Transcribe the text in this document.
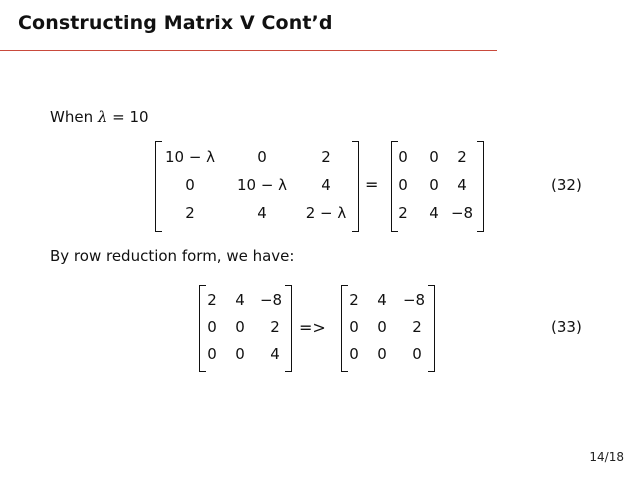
Constructing Matrix V Cont’d
When λ = 10
10 − λ	0	2
0	10 − λ 4
2	4	2 − λ
=
0 0 2
0 0 4
2 4 −8
(32)
By row reduction form, we have:
2 4 −8
0 0 2
0 0 4
=>
2 4 −8
0 0 2
0 0 0
(33)
14/18
